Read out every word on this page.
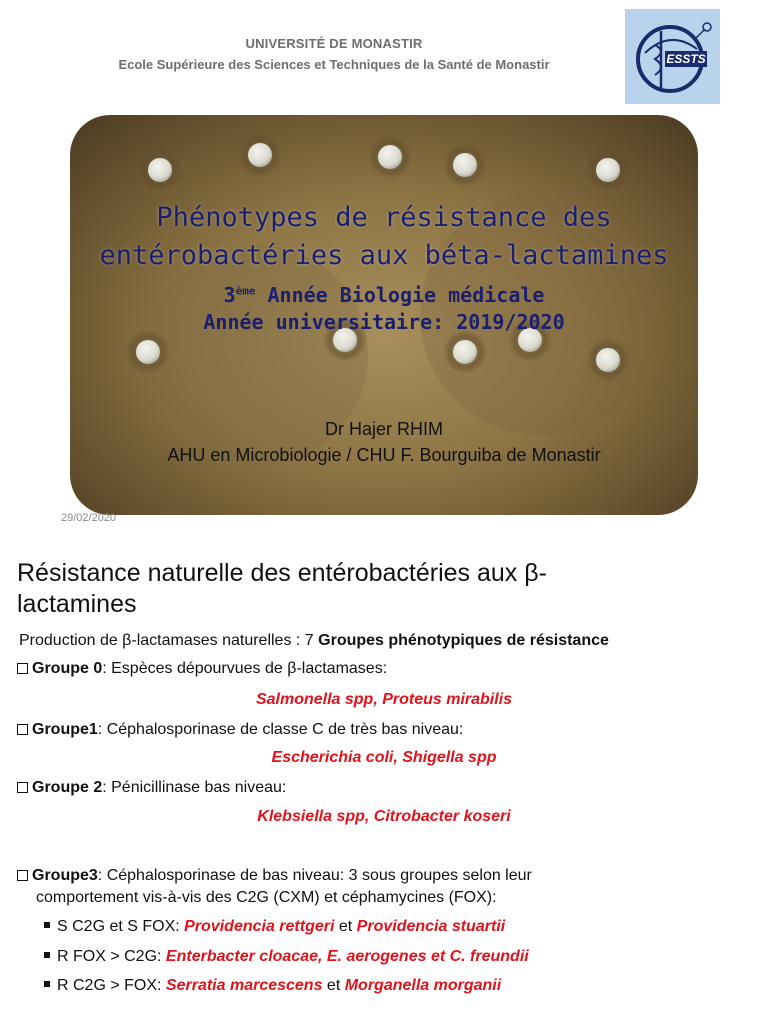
UNIVERSITÉ DE MONASTIR
Ecole Supérieure des Sciences et Techniques de la Santé de Monastir	ESSTS
Phénotypes de résistance des
entérobactéries aux béta-lactamines
3ème Année Biologie médicale
Année universitaire: 2019/2020
Dr Hajer RHIM
AHU en Microbiologie / CHU F. Bourguiba de Monastir
29/02/2020
Résistance naturelle des entérobactéries aux β-
lactamines
Production de β-lactamases naturelles : 7 Groupes phénotypiques de résistance
Groupe 0: Espèces dépourvues de β-lactamases:
Salmonella spp, Proteus mirabilis
Groupe1: Céphalosporinase de classe C de très bas niveau:
Escherichia coli, Shigella spp
Groupe 2: Pénicillinase bas niveau:
Klebsiella spp, Citrobacter koseri
Groupe3: Céphalosporinase de bas niveau: 3 sous groupes selon leur
comportement vis-à-vis des C2G (CXM) et céphamycines (FOX):
S C2G et S FOX: Providencia rettgeri et Providencia stuartii
R FOX > C2G: Enterbacter cloacae, E. aerogenes et C. freundii
R C2G > FOX: Serratia marcescens et Morganella morganii
